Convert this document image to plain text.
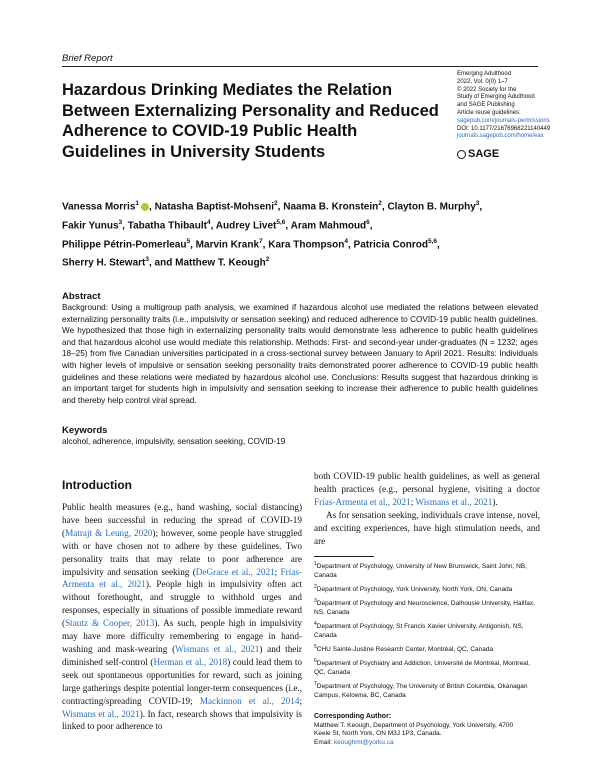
Brief Report
Hazardous Drinking Mediates the Relation Between Externalizing Personality and Reduced Adherence to COVID-19 Public Health Guidelines in University Students
Emerging Adulthood
2022, Vol. 0(0) 1–7
© 2022 Society for the
Study of Emerging Adulthood
and SAGE Publishing
Article reuse guidelines:
sagepub.com/journals-permissions
DOI: 10.1177/21676968221140449
journals.sagepub.com/home/eax
SAGE
Vanessa Morris$^1$ , Natasha Baptist-Mohseni$^2$, Naama B. Kronstein$^2$, Clayton B. Murphy$^3$,
Fakir Yunus$^3$, Tabatha Thibault$^4$, Audrey Livet$^{5,6}$, Aram Mahmoud$^6$,
Philippe Pétrin-Pomerleau$^5$, Marvin Krank$^7$, Kara Thompson$^4$, Patricia Conrod$^{5,6}$,
Sherry H. Stewart$^3$, and Matthew T. Keough$^2$
Abstract
Background: Using a multigroup path analysis, we examined if hazardous alcohol use mediated the relations between elevated externalizing personality traits (i.e., impulsivity or sensation seeking) and reduced adherence to COVID-19 public health guidelines. We hypothesized that those high in externalizing personality traits would demonstrate less adherence to public health guidelines and that hazardous alcohol use would mediate this relationship. Methods: First- and second-year under-graduates (N = 1232; ages 18–25) from five Canadian universities participated in a cross-sectional survey between January to April 2021. Results: Individuals with higher levels of impulsive or sensation seeking personality traits demonstrated poorer adherence to COVID-19 public health guidelines and these relations were mediated by hazardous alcohol use. Conclusions: Results suggest that hazardous drinking is an important target for students high in impulsivity and sensation seeking to increase their adherence to public health guidelines and thereby help control viral spread.
Keywords
alcohol, adherence, impulsivity, sensation seeking, COVID-19
Introduction
Public health measures (e.g., hand washing, social distancing) have been successful in reducing the spread of COVID-19 (Matrajt & Leung, 2020); however, some people have struggled with or have chosen not to adhere by these guidelines. Two personality traits that may relate to poor adherence are impulsivity and sensation seeking (DeGrace et al., 2021; Frías-Armenta et al., 2021). People high in impulsivity often act without forethought, and struggle to withhold urges and responses, especially in situations of possible immediate reward (Stautz & Cooper, 2013). As such, people high in impulsivity may have more difficulty remembering to engage in hand-washing and mask-wearing (Wismans et al., 2021) and their diminished self-control (Herman et al., 2018) could lead them to seek out spontaneous opportunities for reward, such as joining large gatherings despite potential longer-term consequences (i.e., contracting/spreading COVID-19; Mackinnon et al., 2014; Wismans et al., 2021). In fact, research shows that impulsivity is linked to poor adherence to
both COVID-19 public health guidelines, as well as general health practices (e.g., personal hygiene, visiting a doctor Frías-Armenta et al., 2021; Wismans et al., 2021).
As for sensation seeking, individuals crave intense, novel, and exciting experiences, have high stimulation needs, and are
$^1$Department of Psychology, University of New Brunswick, Saint John, NB, Canada
$^2$Department of Psychology, York University, North York, ON, Canada
$^3$Department of Psychology and Neuroscience, Dalhousie University, Halifax, NS, Canada
$^4$Department of Psychology, St Francis Xavier University, Antigonish, NS, Canada
$^5$CHU Sainte-Justine Research Center, Montréal, QC, Canada
$^6$Department of Psychiatry and Addiction, Université de Montréal, Montreal, QC, Canada
$^7$Department of Psychology, The University of British Columbia, Okanagan Campus, Kelowna, BC, Canada
Corresponding Author:
Matthew T. Keough, Department of Psychology, York University, 4700
Keele St, North York, ON M3J 1P3, Canada.
Email: keoughmt@yorku.ca
